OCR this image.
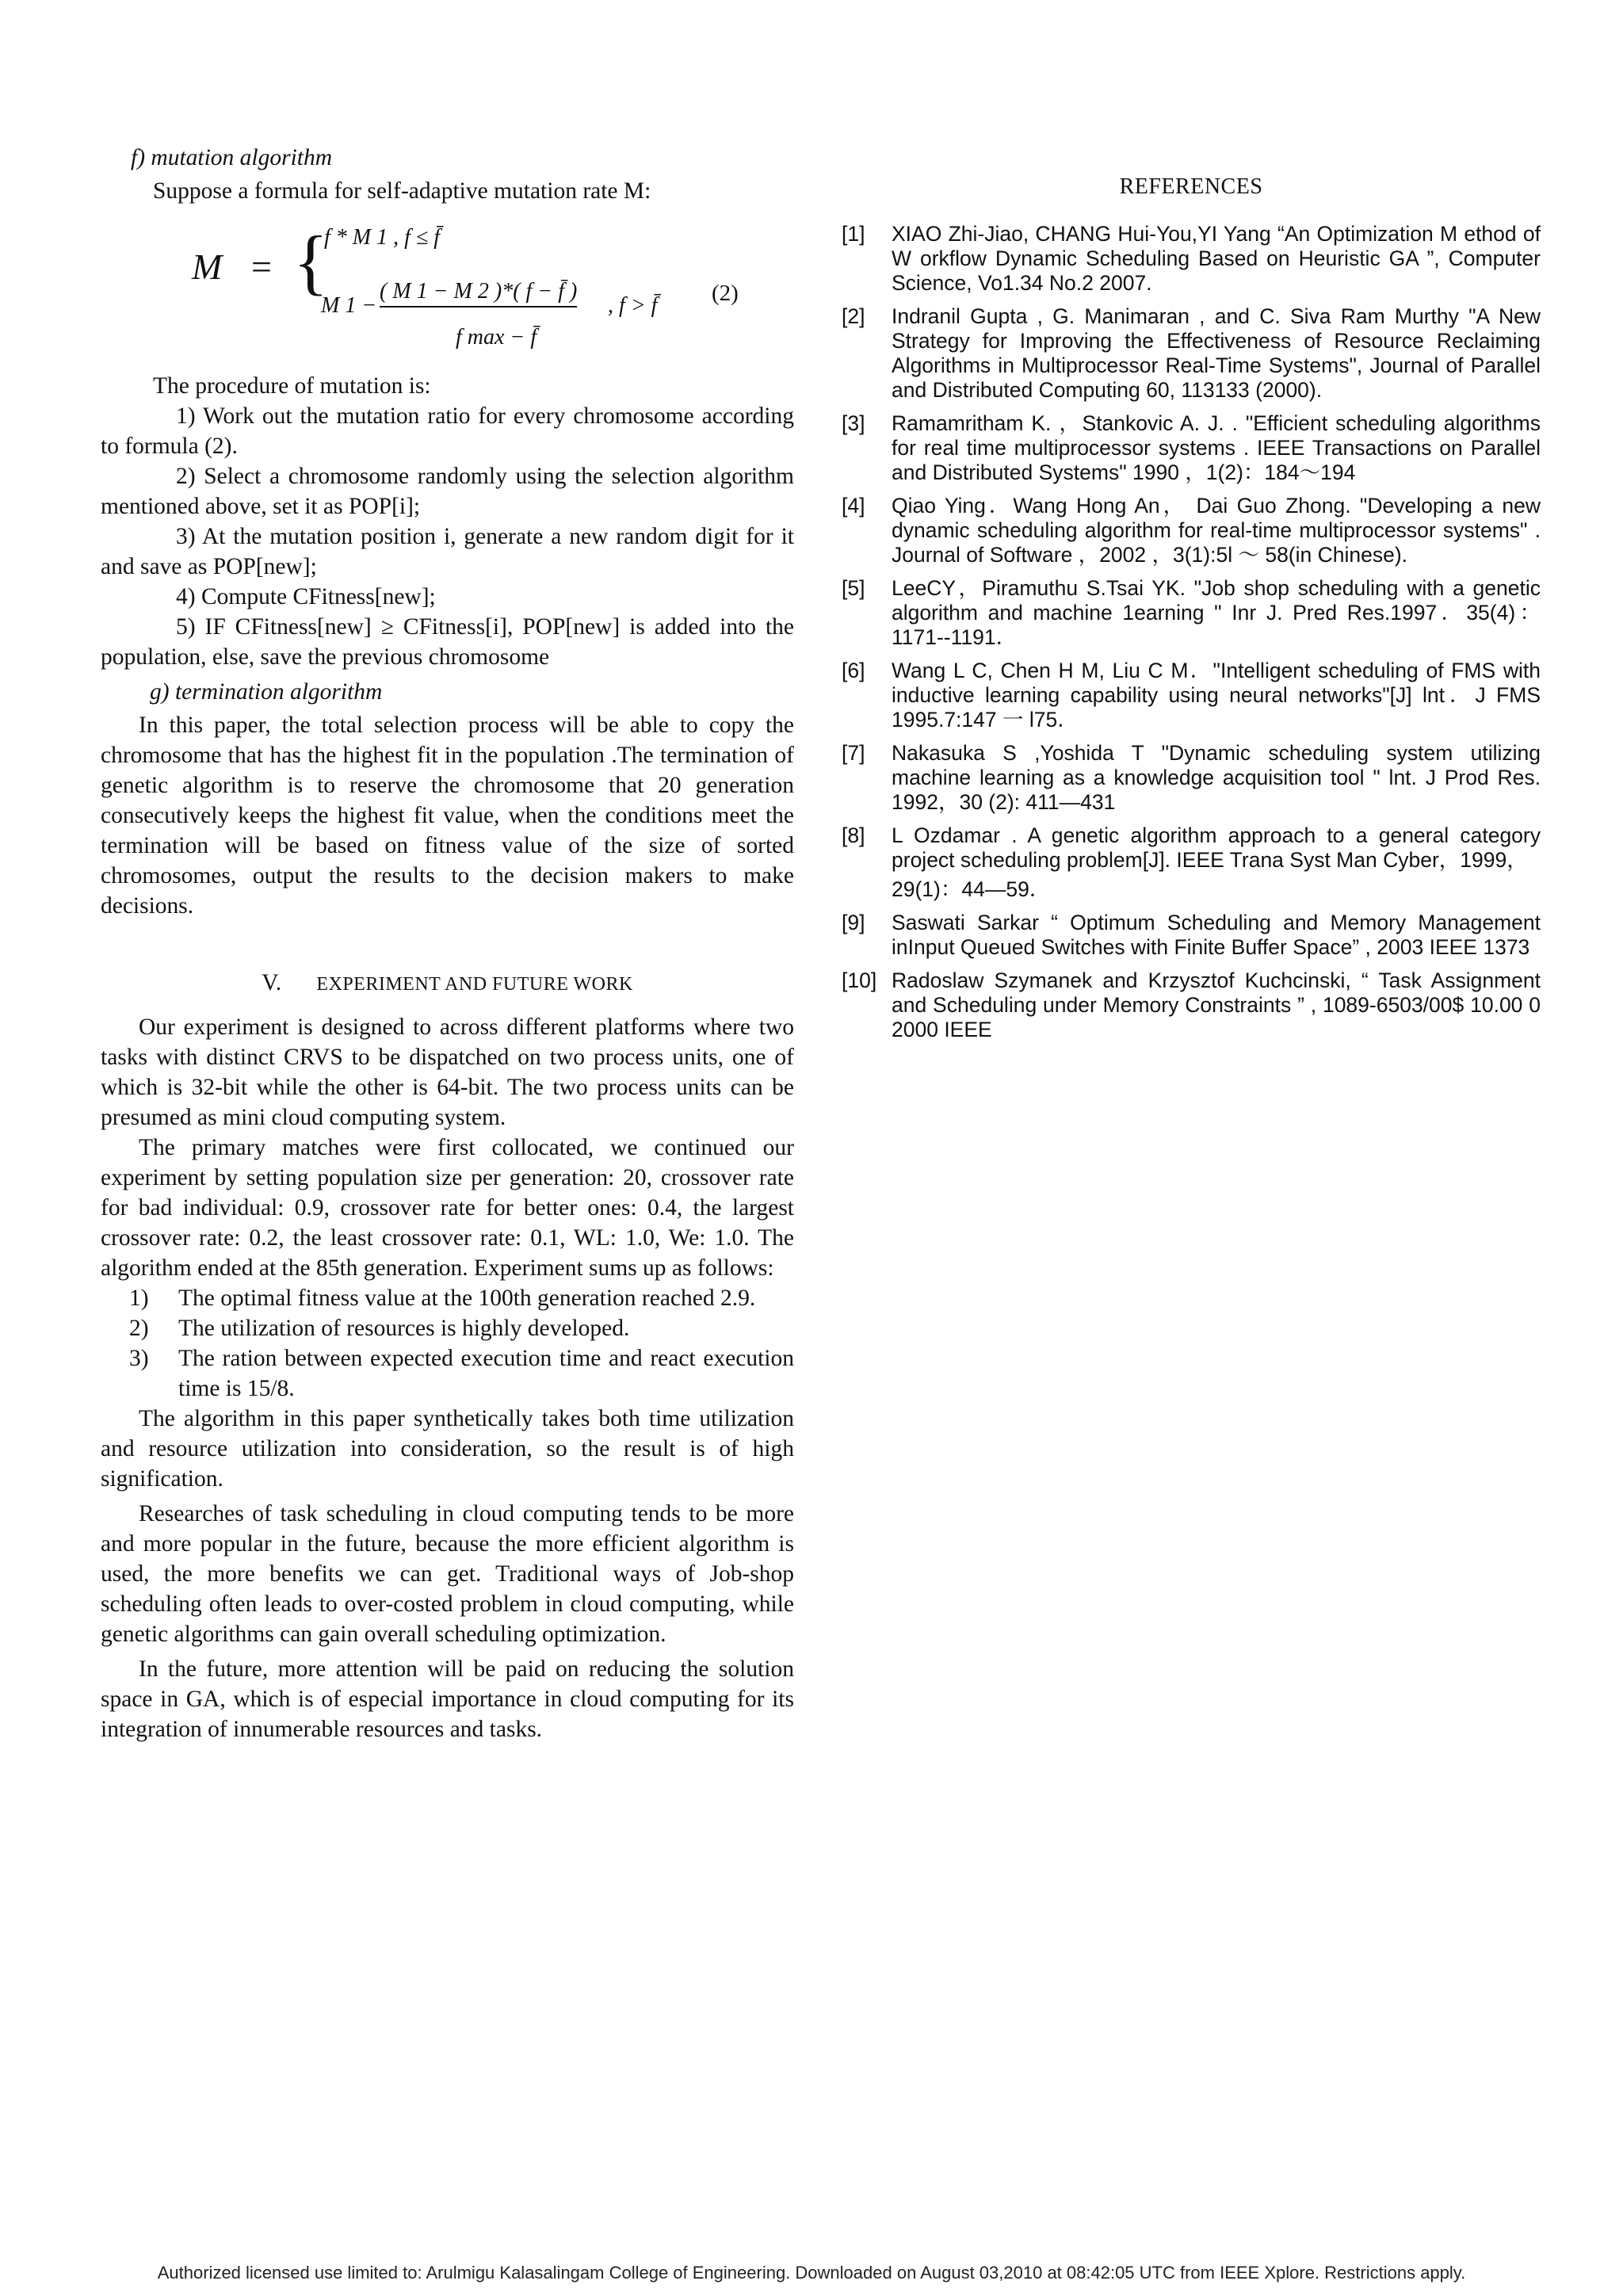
f) mutation algorithm

Suppose a formula for self-adaptive mutation rate M:

M = {
f * M 1 , f ≤ f̄
M 1 −
( M 1 − M 2 )*( f − f̄ )
, f > f̄
f max − f̄
(2)

The procedure of mutation is:

1) Work out the mutation ratio for every chromosome according to formula (2).

2) Select a chromosome randomly using the selection algorithm mentioned above, set it as POP[i];

3) At the mutation position i, generate a new random digit for it and save as POP[new];

4) Compute CFitness[new];

5) IF CFitness[new] ≥ CFitness[i], POP[new] is added into the population, else, save the previous chromosome

g) termination algorithm

In this paper, the total selection process will be able to copy the chromosome that has the highest fit in the population .The termination of genetic algorithm is to reserve the chromosome that 20 generation consecutively keeps the highest fit value, when the conditions meet the termination will be based on fitness value of the size of sorted chromosomes, output the results to the decision makers to make decisions.

V. EXPERIMENT AND FUTURE WORK

Our experiment is designed to across different platforms where two tasks with distinct CRVS to be dispatched on two process units, one of which is 32-bit while the other is 64-bit. The two process units can be presumed as mini cloud computing system.

The primary matches were first collocated, we continued our experiment by setting population size per generation: 20, crossover rate for bad individual: 0.9, crossover rate for better ones: 0.4, the largest crossover rate: 0.2, the least crossover rate: 0.1, WL: 1.0, We: 1.0. The algorithm ended at the 85th generation. Experiment sums up as follows:

1) The optimal fitness value at the 100th generation reached 2.9.
2) The utilization of resources is highly developed.
3) The ration between expected execution time and react execution time is 15/8.

The algorithm in this paper synthetically takes both time utilization and resource utilization into consideration, so the result is of high signification.

Researches of task scheduling in cloud computing tends to be more and more popular in the future, because the more efficient algorithm is used, the more benefits we can get. Traditional ways of Job-shop scheduling often leads to over-costed problem in cloud computing, while genetic algorithms can gain overall scheduling optimization.

In the future, more attention will be paid on reducing the solution space in GA, which is of especial importance in cloud computing for its integration of innumerable resources and tasks.

REFERENCES
[1] XIAO Zhi-Jiao, CHANG Hui-You,YI Yang “An Optimization M ethod of W orkflow Dynamic Scheduling Based on Heuristic GA ”, Computer Science, Vo1.34 No.2 2007.
[2] Indranil Gupta , G. Manimaran , and C. Siva Ram Murthy "A New Strategy for Improving the Effectiveness of Resource Reclaiming Algorithms in Multiprocessor Real-Time Systems", Journal of Parallel and Distributed Computing 60, 113133 (2000).
[3] Ramamritham K. ，Stankovic A. J. . "Efficient scheduling algorithms for real time multiprocessor systems . IEEE Transactions on Parallel and Distributed Systems" 1990 ，1(2)：184～194
[4] Qiao Ying．Wang Hong An， Dai Guo Zhong. "Developing a new dynamic scheduling algorithm for real-time multiprocessor systems" . Journal of Software ，2002 ，3(1):5l ～ 58(in Chinese).
[5] LeeCY，Piramuthu S.Tsai YK. "Job shop scheduling with a genetic algorithm and machine 1earning " Inr J. Pred Res.1997．35(4)：1171--1191．
[6] Wang L C, Chen H M, Liu C M．"Intelligent scheduling of FMS with inductive learning capability using neural networks"[J] lnt．J FMS 1995.7:147 一 l75．
[7] Nakasuka S ,Yoshida T "Dynamic scheduling system utilizing machine learning as a knowledge acquisition tool " lnt. J Prod Res. 1992，30 (2): 411—431
[8] L Ozdamar . A genetic algorithm approach to a general category project scheduling problem[J]. IEEE Trana Syst Man Cyber，1999，
29(1)：44—59．
[9] Saswati Sarkar “ Optimum Scheduling and Memory Management inInput Queued Switches with Finite Buffer Space” , 2003 IEEE 1373
[10] Radoslaw Szymanek and Krzysztof Kuchcinski, “ Task Assignment and Scheduling under Memory Constraints ” , 1089-6503/00$ 10.00 0 2000 IEEE
Authorized licensed use limited to: Arulmigu Kalasalingam College of Engineering. Downloaded on August 03,2010 at 08:42:05 UTC from IEEE Xplore. Restrictions apply.
